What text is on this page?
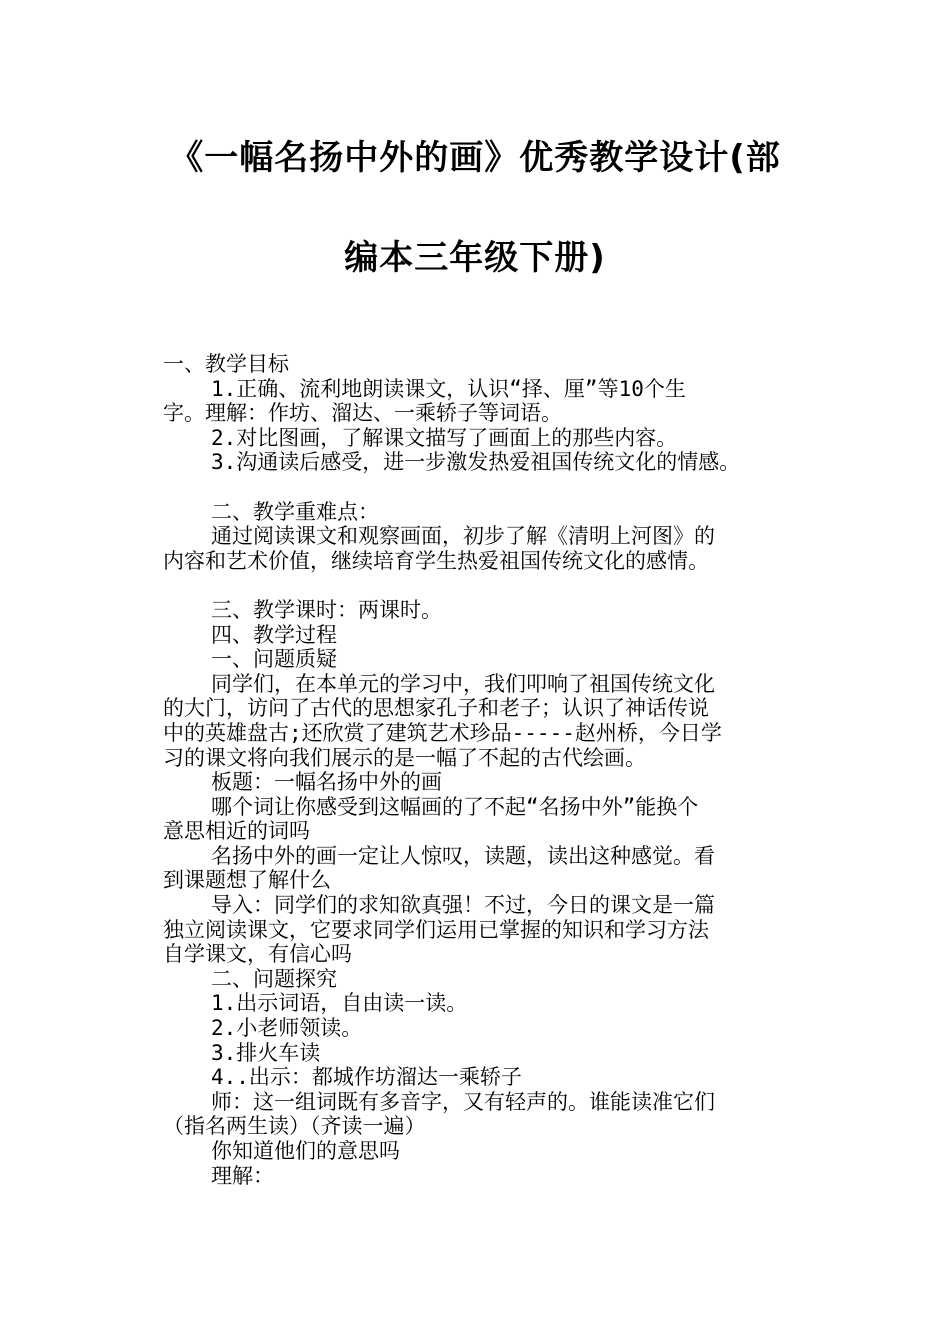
《一幅名扬中外的画》优秀教学设计(部
编本三年级下册)

一、教学目标

1.正确、流利地朗读课文，认识“择、厘”等10个生

字。理解：作坊、溜达、一乘轿子等词语。

2.对比图画，了解课文描写了画面上的那些内容。

3.沟通读后感受，进一步激发热爱祖国传统文化的情感。

二、教学重难点：

通过阅读课文和观察画面，初步了解《清明上河图》的

内容和艺术价值，继续培育学生热爱祖国传统文化的感情。

三、教学课时：两课时。

四、教学过程

一、问题质疑

同学们，在本单元的学习中，我们叩响了祖国传统文化

的大门，访问了古代的思想家孔子和老子；认识了神话传说

中的英雄盘古;还欣赏了建筑艺术珍品-----赵州桥，今日学

习的课文将向我们展示的是一幅了不起的古代绘画。

板题：一幅名扬中外的画

哪个词让你感受到这幅画的了不起“名扬中外”能换个

意思相近的词吗

名扬中外的画一定让人惊叹，读题，读出这种感觉。看

到课题想了解什么

导入：同学们的求知欲真强！不过，今日的课文是一篇

独立阅读课文，它要求同学们运用已掌握的知识和学习方法

自学课文，有信心吗

二、问题探究

1.出示词语，自由读一读。

2.小老师领读。

3.排火车读

4..出示：都城作坊溜达一乘轿子

师：这一组词既有多音字，又有轻声的。谁能读准它们

（指名两生读）（齐读一遍）

你知道他们的意思吗

理解：
